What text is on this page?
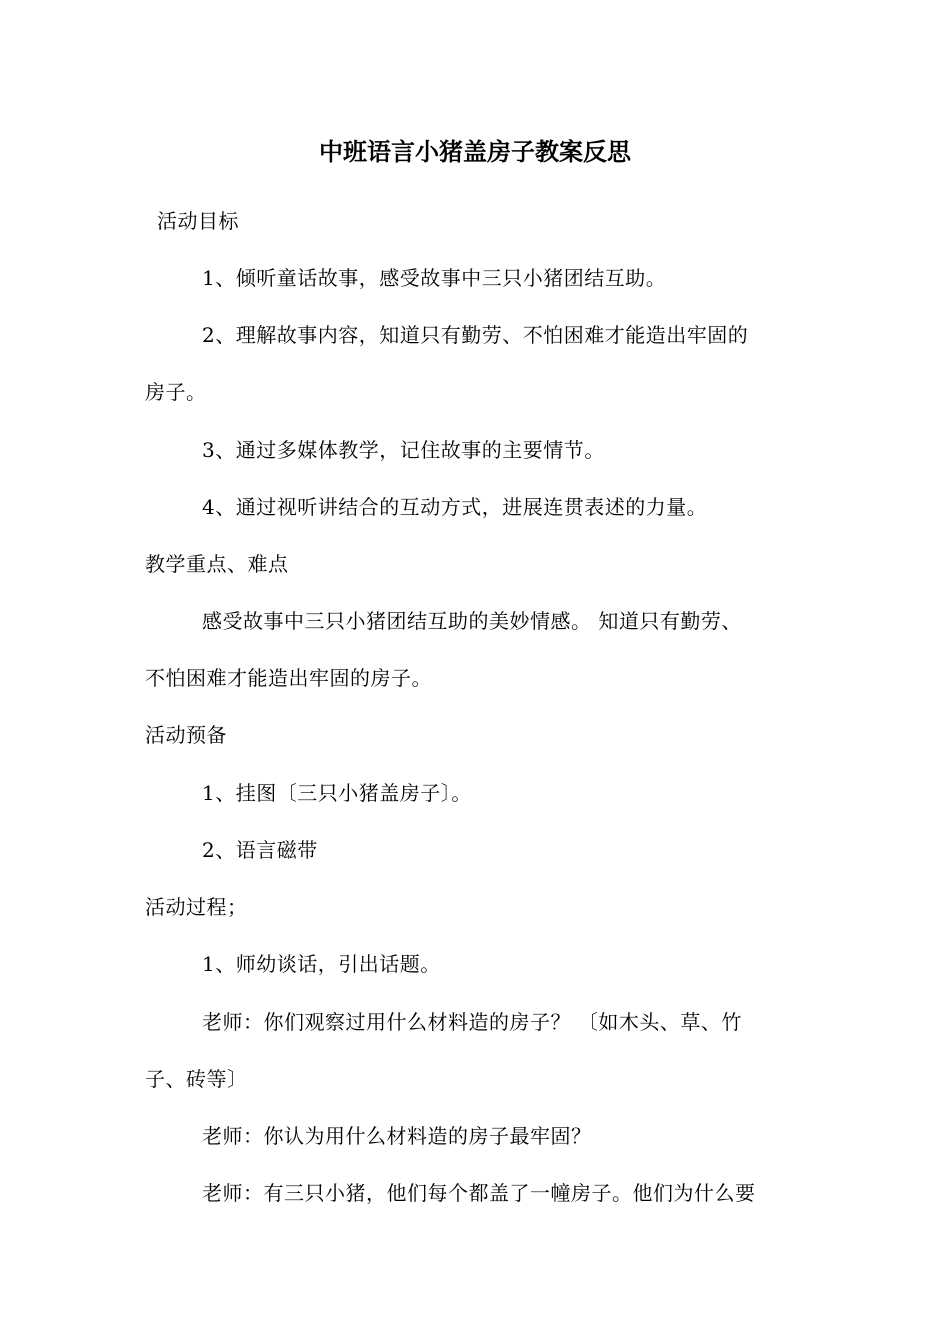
中班语言小猪盖房子教案反思
活动目标
1、倾听童话故事，感受故事中三只小猪团结互助。
2、理解故事内容，知道只有勤劳、不怕困难才能造出牢固的
房子。
3、通过多媒体教学，记住故事的主要情节。
4、通过视听讲结合的互动方式，进展连贯表述的力量。
教学重点、难点
感受故事中三只小猪团结互助的美妙情感。 知道只有勤劳、
不怕困难才能造出牢固的房子。
活动预备
1、挂图〔三只小猪盖房子〕。
2、语言磁带
活动过程；
1、师幼谈话，引出话题。
老师：你们观察过用什么材料造的房子？ 〔如木头、草、竹
子、砖等〕
老师：你认为用什么材料造的房子最牢固？
老师：有三只小猪，他们每个都盖了一幢房子。他们为什么要
